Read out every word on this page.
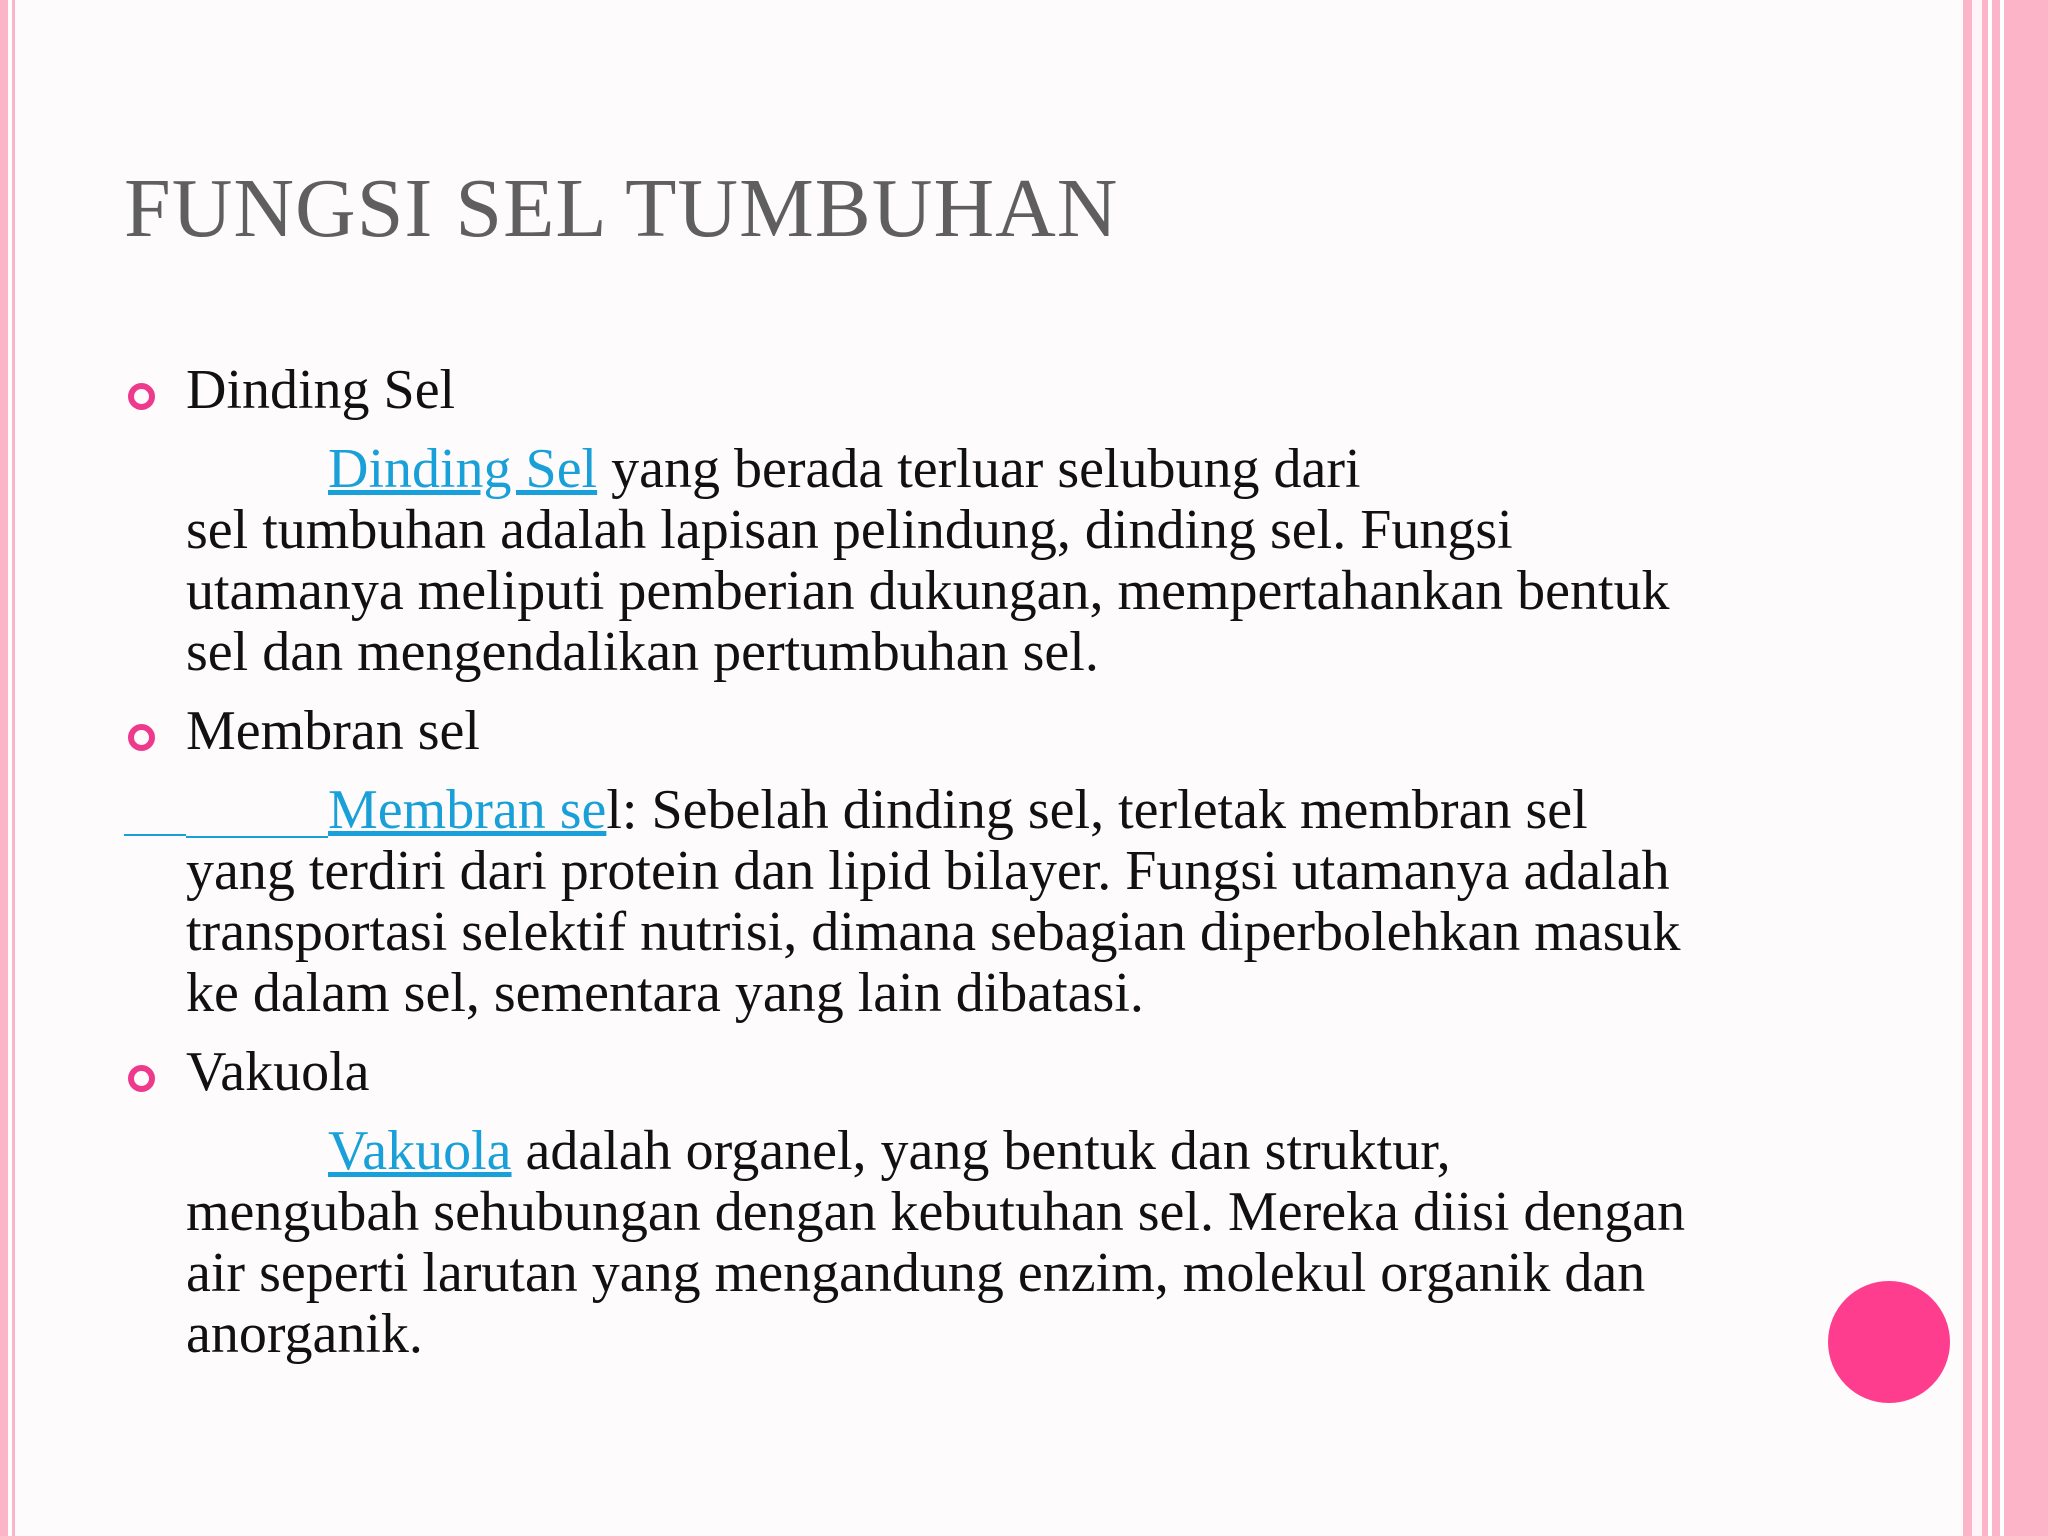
FUNGSI SEL TUMBUHAN

Dinding Sel

Dinding Sel yang berada terluar selubung dari
sel tumbuhan adalah lapisan pelindung, dinding sel. Fungsi utamanya meliputi pemberian dukungan, mempertahankan bentuk sel dan mengendalikan pertumbuhan sel.

Membran sel

Membran sel: Sebelah dinding sel, terletak membran sel
yang terdiri dari protein dan lipid bilayer. Fungsi utamanya adalah transportasi selektif nutrisi, dimana sebagian diperbolehkan masuk ke dalam sel, sementara yang lain dibatasi.

Vakuola

Vakuola adalah organel, yang bentuk dan struktur,
mengubah sehubungan dengan kebutuhan sel. Mereka diisi dengan air seperti larutan yang mengandung enzim, molekul organik dan anorganik.
